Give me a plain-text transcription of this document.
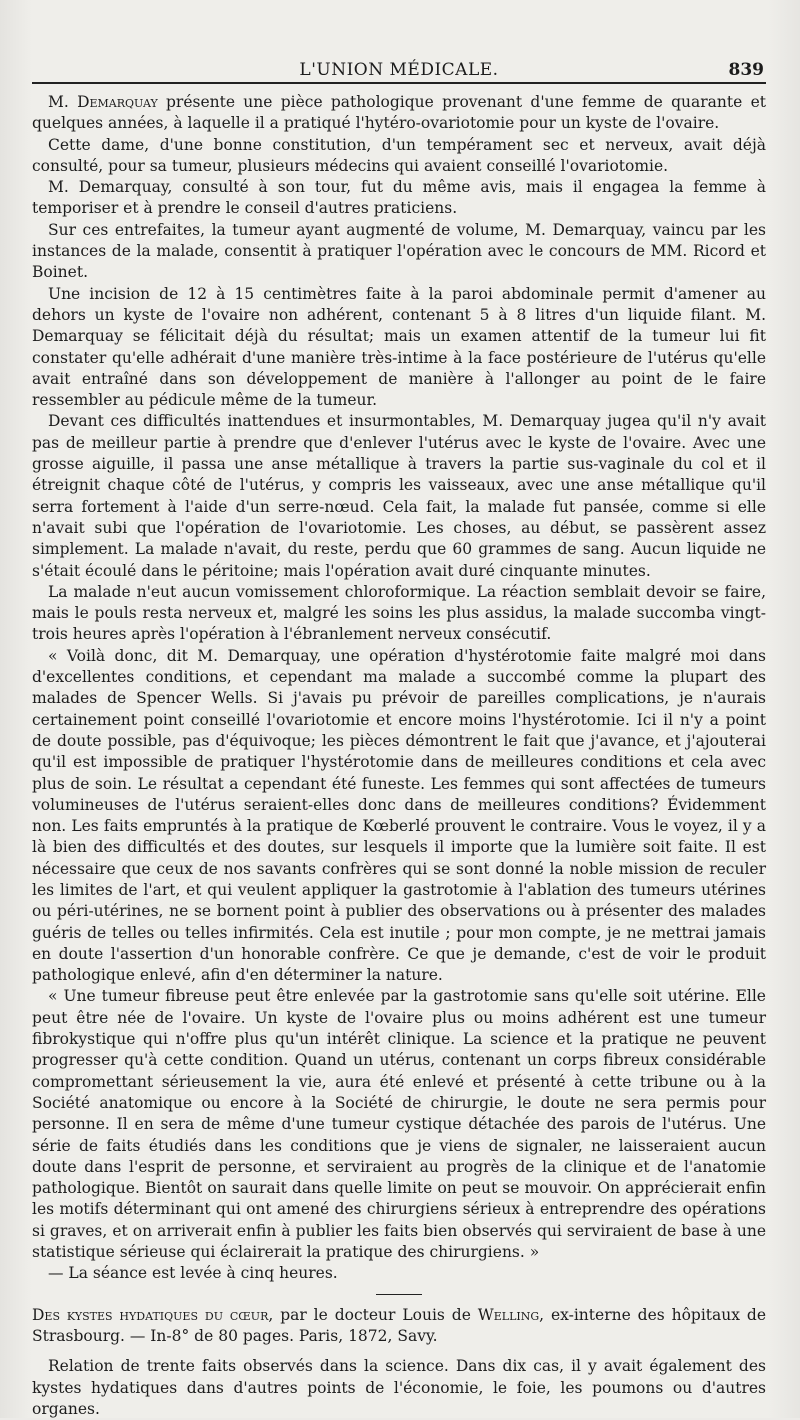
L'UNION MÉDICALE.	839

M. Demarquay présente une pièce pathologique provenant d'une femme de quarante et quelques années, à laquelle il a pratiqué l'hytéro-ovariotomie pour un kyste de l'ovaire.

Cette dame, d'une bonne constitution, d'un tempérament sec et nerveux, avait déjà consulté, pour sa tumeur, plusieurs médecins qui avaient conseillé l'ovariotomie.

M. Demarquay, consulté à son tour, fut du même avis, mais il engagea la femme à temporiser et à prendre le conseil d'autres praticiens.

Sur ces entrefaites, la tumeur ayant augmenté de volume, M. Demarquay, vaincu par les instances de la malade, consentit à pratiquer l'opération avec le concours de MM. Ricord et Boinet.

Une incision de 12 à 15 centimètres faite à la paroi abdominale permit d'amener au dehors un kyste de l'ovaire non adhérent, contenant 5 à 8 litres d'un liquide filant. M. Demarquay se félicitait déjà du résultat; mais un examen attentif de la tumeur lui fit constater qu'elle adhérait d'une manière très-intime à la face postérieure de l'utérus qu'elle avait entraîné dans son développement de manière à l'allonger au point de le faire ressembler au pédicule même de la tumeur.

Devant ces difficultés inattendues et insurmontables, M. Demarquay jugea qu'il n'y avait pas de meilleur partie à prendre que d'enlever l'utérus avec le kyste de l'ovaire. Avec une grosse aiguille, il passa une anse métallique à travers la partie sus-vaginale du col et il étreignit chaque côté de l'utérus, y compris les vaisseaux, avec une anse métallique qu'il serra fortement à l'aide d'un serre-nœud. Cela fait, la malade fut pansée, comme si elle n'avait subi que l'opération de l'ovariotomie. Les choses, au début, se passèrent assez simplement. La malade n'avait, du reste, perdu que 60 grammes de sang. Aucun liquide ne s'était écoulé dans le péritoine; mais l'opération avait duré cinquante minutes.

La malade n'eut aucun vomissement chloroformique. La réaction semblait devoir se faire, mais le pouls resta nerveux et, malgré les soins les plus assidus, la malade succomba vingt-trois heures après l'opération à l'ébranlement nerveux consécutif.

« Voilà donc, dit M. Demarquay, une opération d'hystérotomie faite malgré moi dans d'excellentes conditions, et cependant ma malade a succombé comme la plupart des malades de Spencer Wells. Si j'avais pu prévoir de pareilles complications, je n'aurais certainement point conseillé l'ovariotomie et encore moins l'hystérotomie. Ici il n'y a point de doute possible, pas d'équivoque; les pièces démontrent le fait que j'avance, et j'ajouterai qu'il est impossible de pratiquer l'hystérotomie dans de meilleures conditions et cela avec plus de soin. Le résultat a cependant été funeste. Les femmes qui sont affectées de tumeurs volumineuses de l'utérus seraient-elles donc dans de meilleures conditions? Évidemment non. Les faits empruntés à la pratique de Kœberlé prouvent le contraire. Vous le voyez, il y a là bien des difficultés et des doutes, sur lesquels il importe que la lumière soit faite. Il est nécessaire que ceux de nos savants confrères qui se sont donné la noble mission de reculer les limites de l'art, et qui veulent appliquer la gastrotomie à l'ablation des tumeurs utérines ou péri-utérines, ne se bornent point à publier des observations ou à présenter des malades guéris de telles ou telles infirmités. Cela est inutile ; pour mon compte, je ne mettrai jamais en doute l'assertion d'un honorable confrère. Ce que je demande, c'est de voir le produit pathologique enlevé, afin d'en déterminer la nature.

« Une tumeur fibreuse peut être enlevée par la gastrotomie sans qu'elle soit utérine. Elle peut être née de l'ovaire. Un kyste de l'ovaire plus ou moins adhérent est une tumeur fibrokystique qui n'offre plus qu'un intérêt clinique. La science et la pratique ne peuvent progresser qu'à cette condition. Quand un utérus, contenant un corps fibreux considérable compromettant sérieusement la vie, aura été enlevé et présenté à cette tribune ou à la Société anatomique ou encore à la Société de chirurgie, le doute ne sera permis pour personne. Il en sera de même d'une tumeur cystique détachée des parois de l'utérus. Une série de faits étudiés dans les conditions que je viens de signaler, ne laisseraient aucun doute dans l'esprit de personne, et serviraient au progrès de la clinique et de l'anatomie pathologique. Bientôt on saurait dans quelle limite on peut se mouvoir. On apprécierait enfin les motifs déterminant qui ont amené des chirurgiens sérieux à entreprendre des opérations si graves, et on arriverait enfin à publier les faits bien observés qui serviraient de base à une statistique sérieuse qui éclairerait la pratique des chirurgiens. »

— La séance est levée à cinq heures.

Des kystes hydatiques du cœur, par le docteur Louis de Welling, ex-interne des hôpitaux de Strasbourg. — In-8° de 80 pages. Paris, 1872, Savy.

Relation de trente faits observés dans la science. Dans dix cas, il y avait également des kystes hydatiques dans d'autres points de l'économie, le foie, les poumons ou d'autres organes.
